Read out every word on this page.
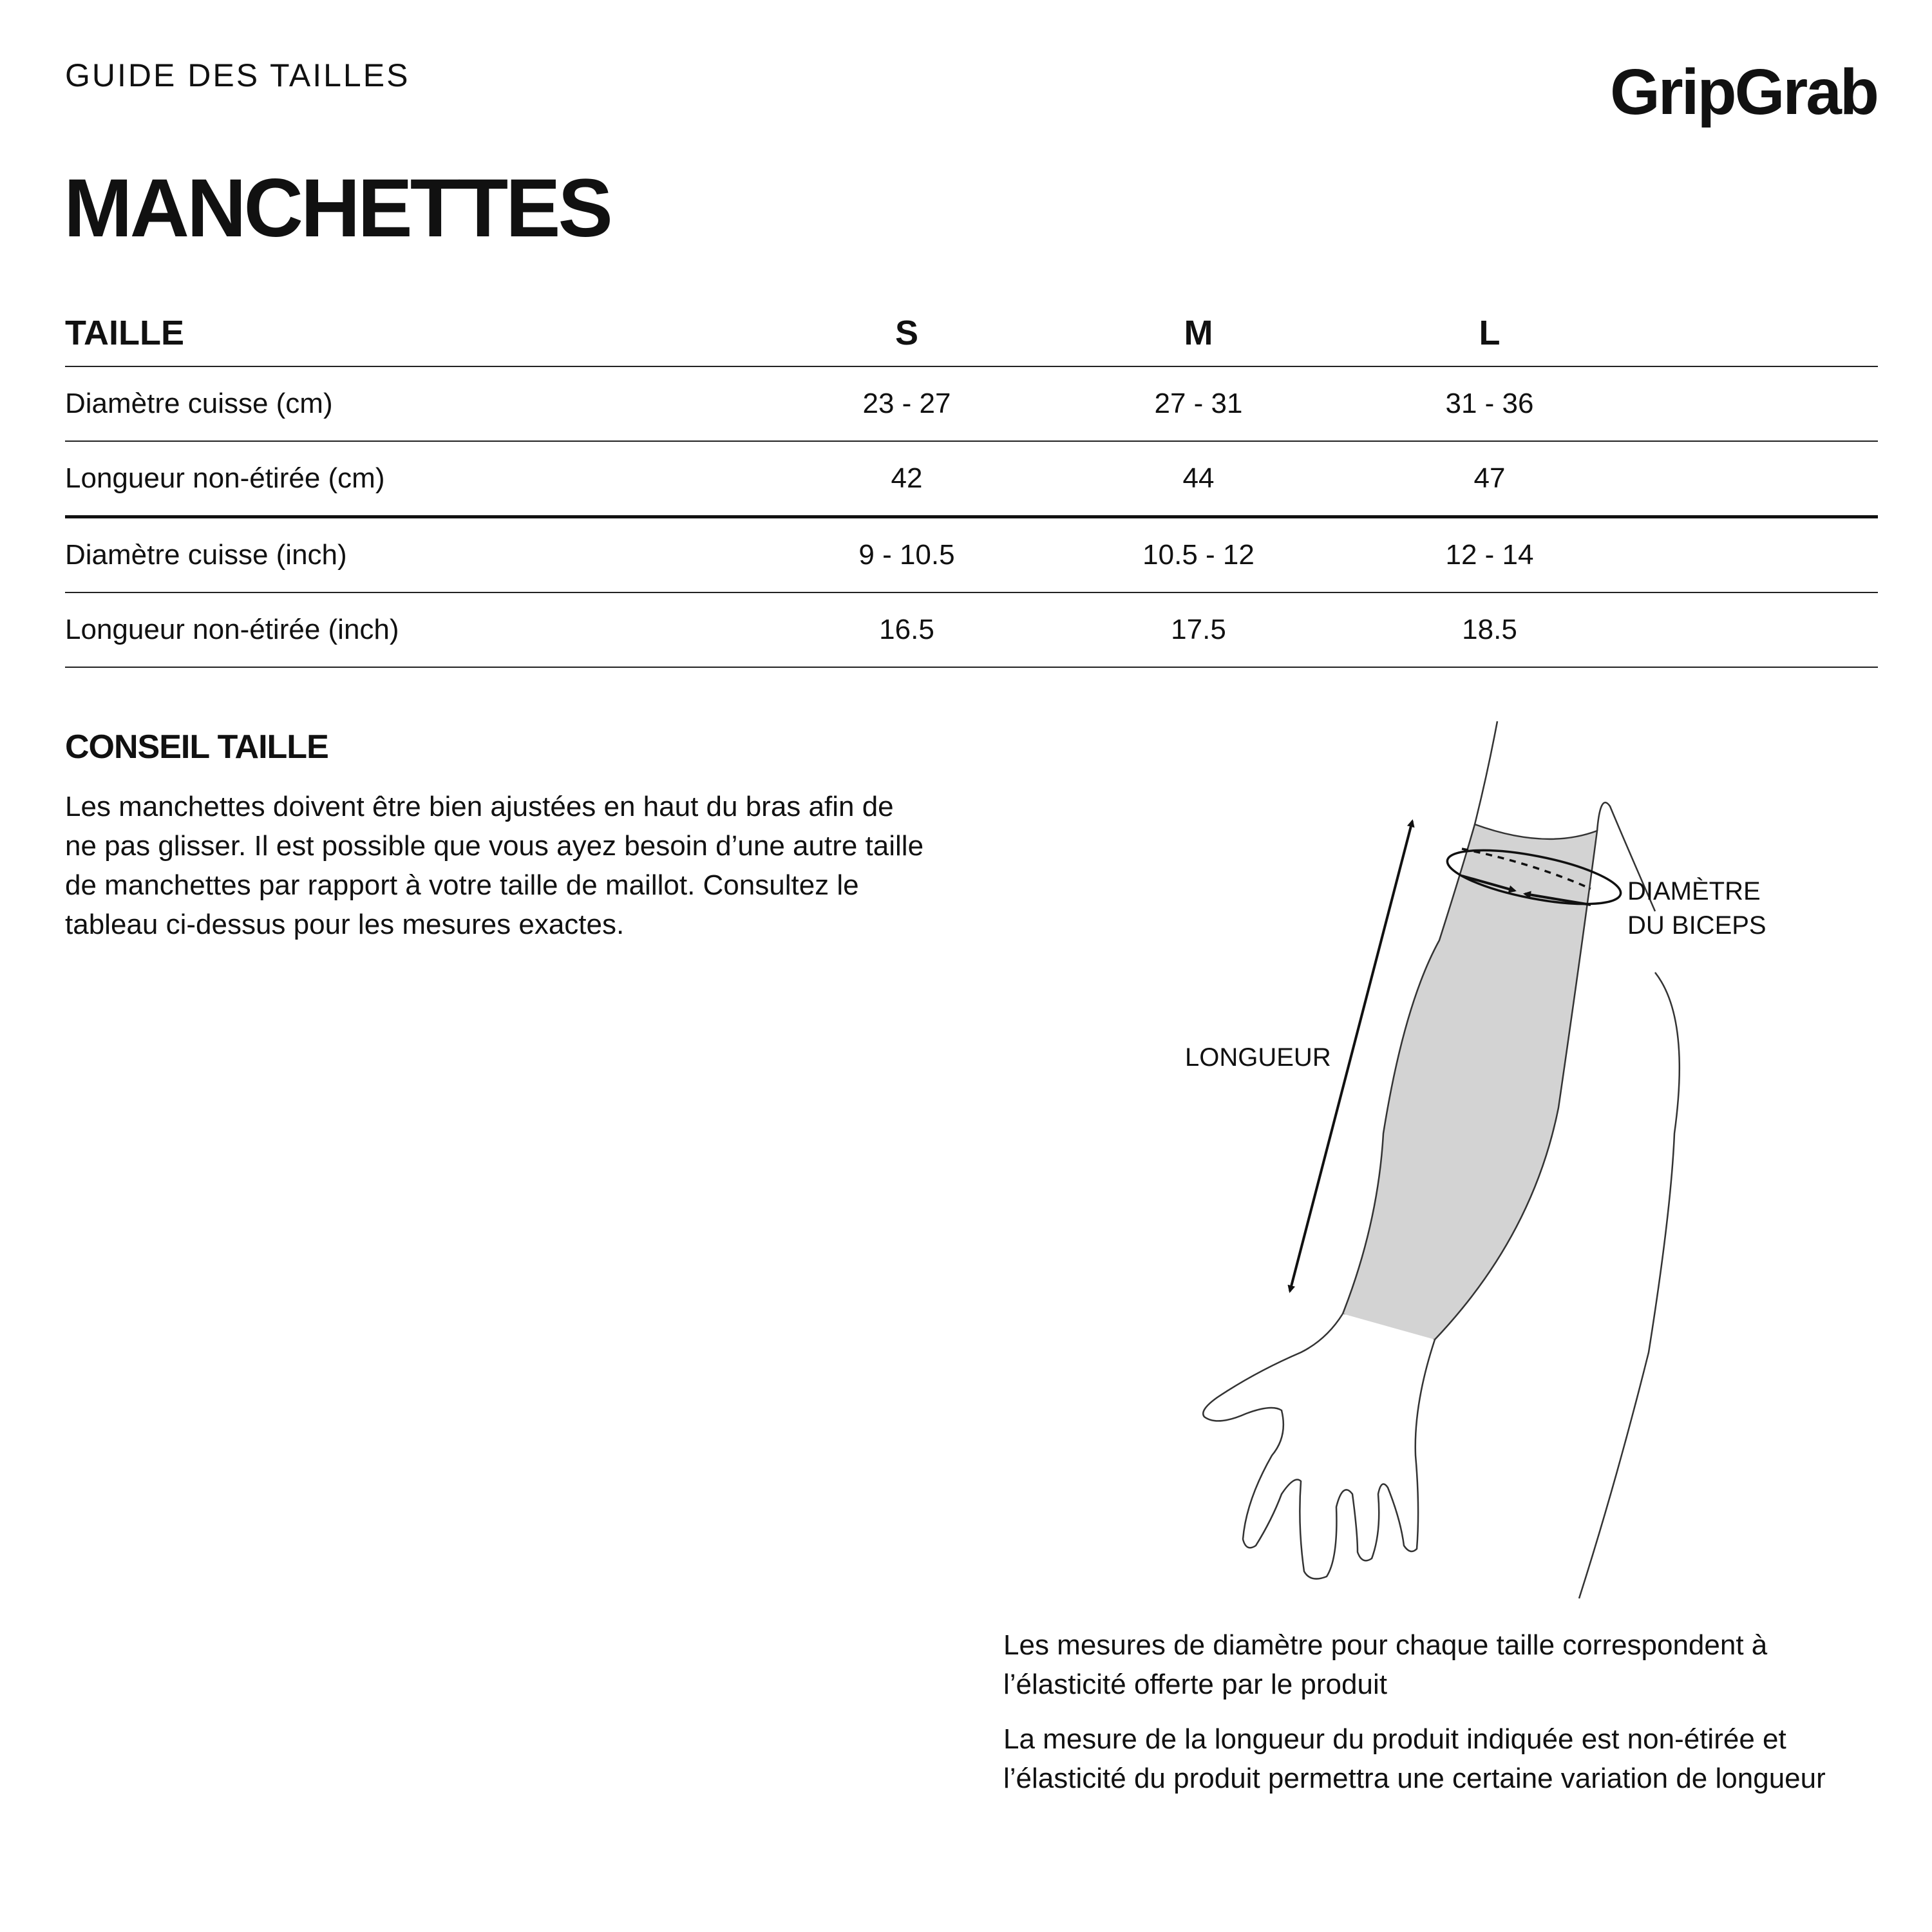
GUIDE DES TAILLES	GripGrab
MANCHETTES
TAILLE	S	M	L
Diamètre cuisse (cm)	23 - 27	27 - 31	31 - 36
Longueur non-étirée (cm)	42	44	47
Diamètre cuisse (inch)	9 - 10.5	10.5 - 12	12 - 14
Longueur non-étirée (inch)	16.5	17.5	18.5
CONSEIL TAILLE
Les manchettes doivent être bien ajustées en haut du bras afin de ne pas glisser. Il est possible que vous ayez besoin d’une autre taille de manchettes par rapport à votre taille de maillot. Consultez le tableau ci-dessus pour les mesures exactes.
LONGUEUR
DIAMÈTRE
DU BICEPS
Les mesures de diamètre pour chaque taille correspondent à l’élasticité offerte par le produit
La mesure de la longueur du produit indiquée est non-étirée et l’élasticité du produit permettra une certaine variation de longueur
